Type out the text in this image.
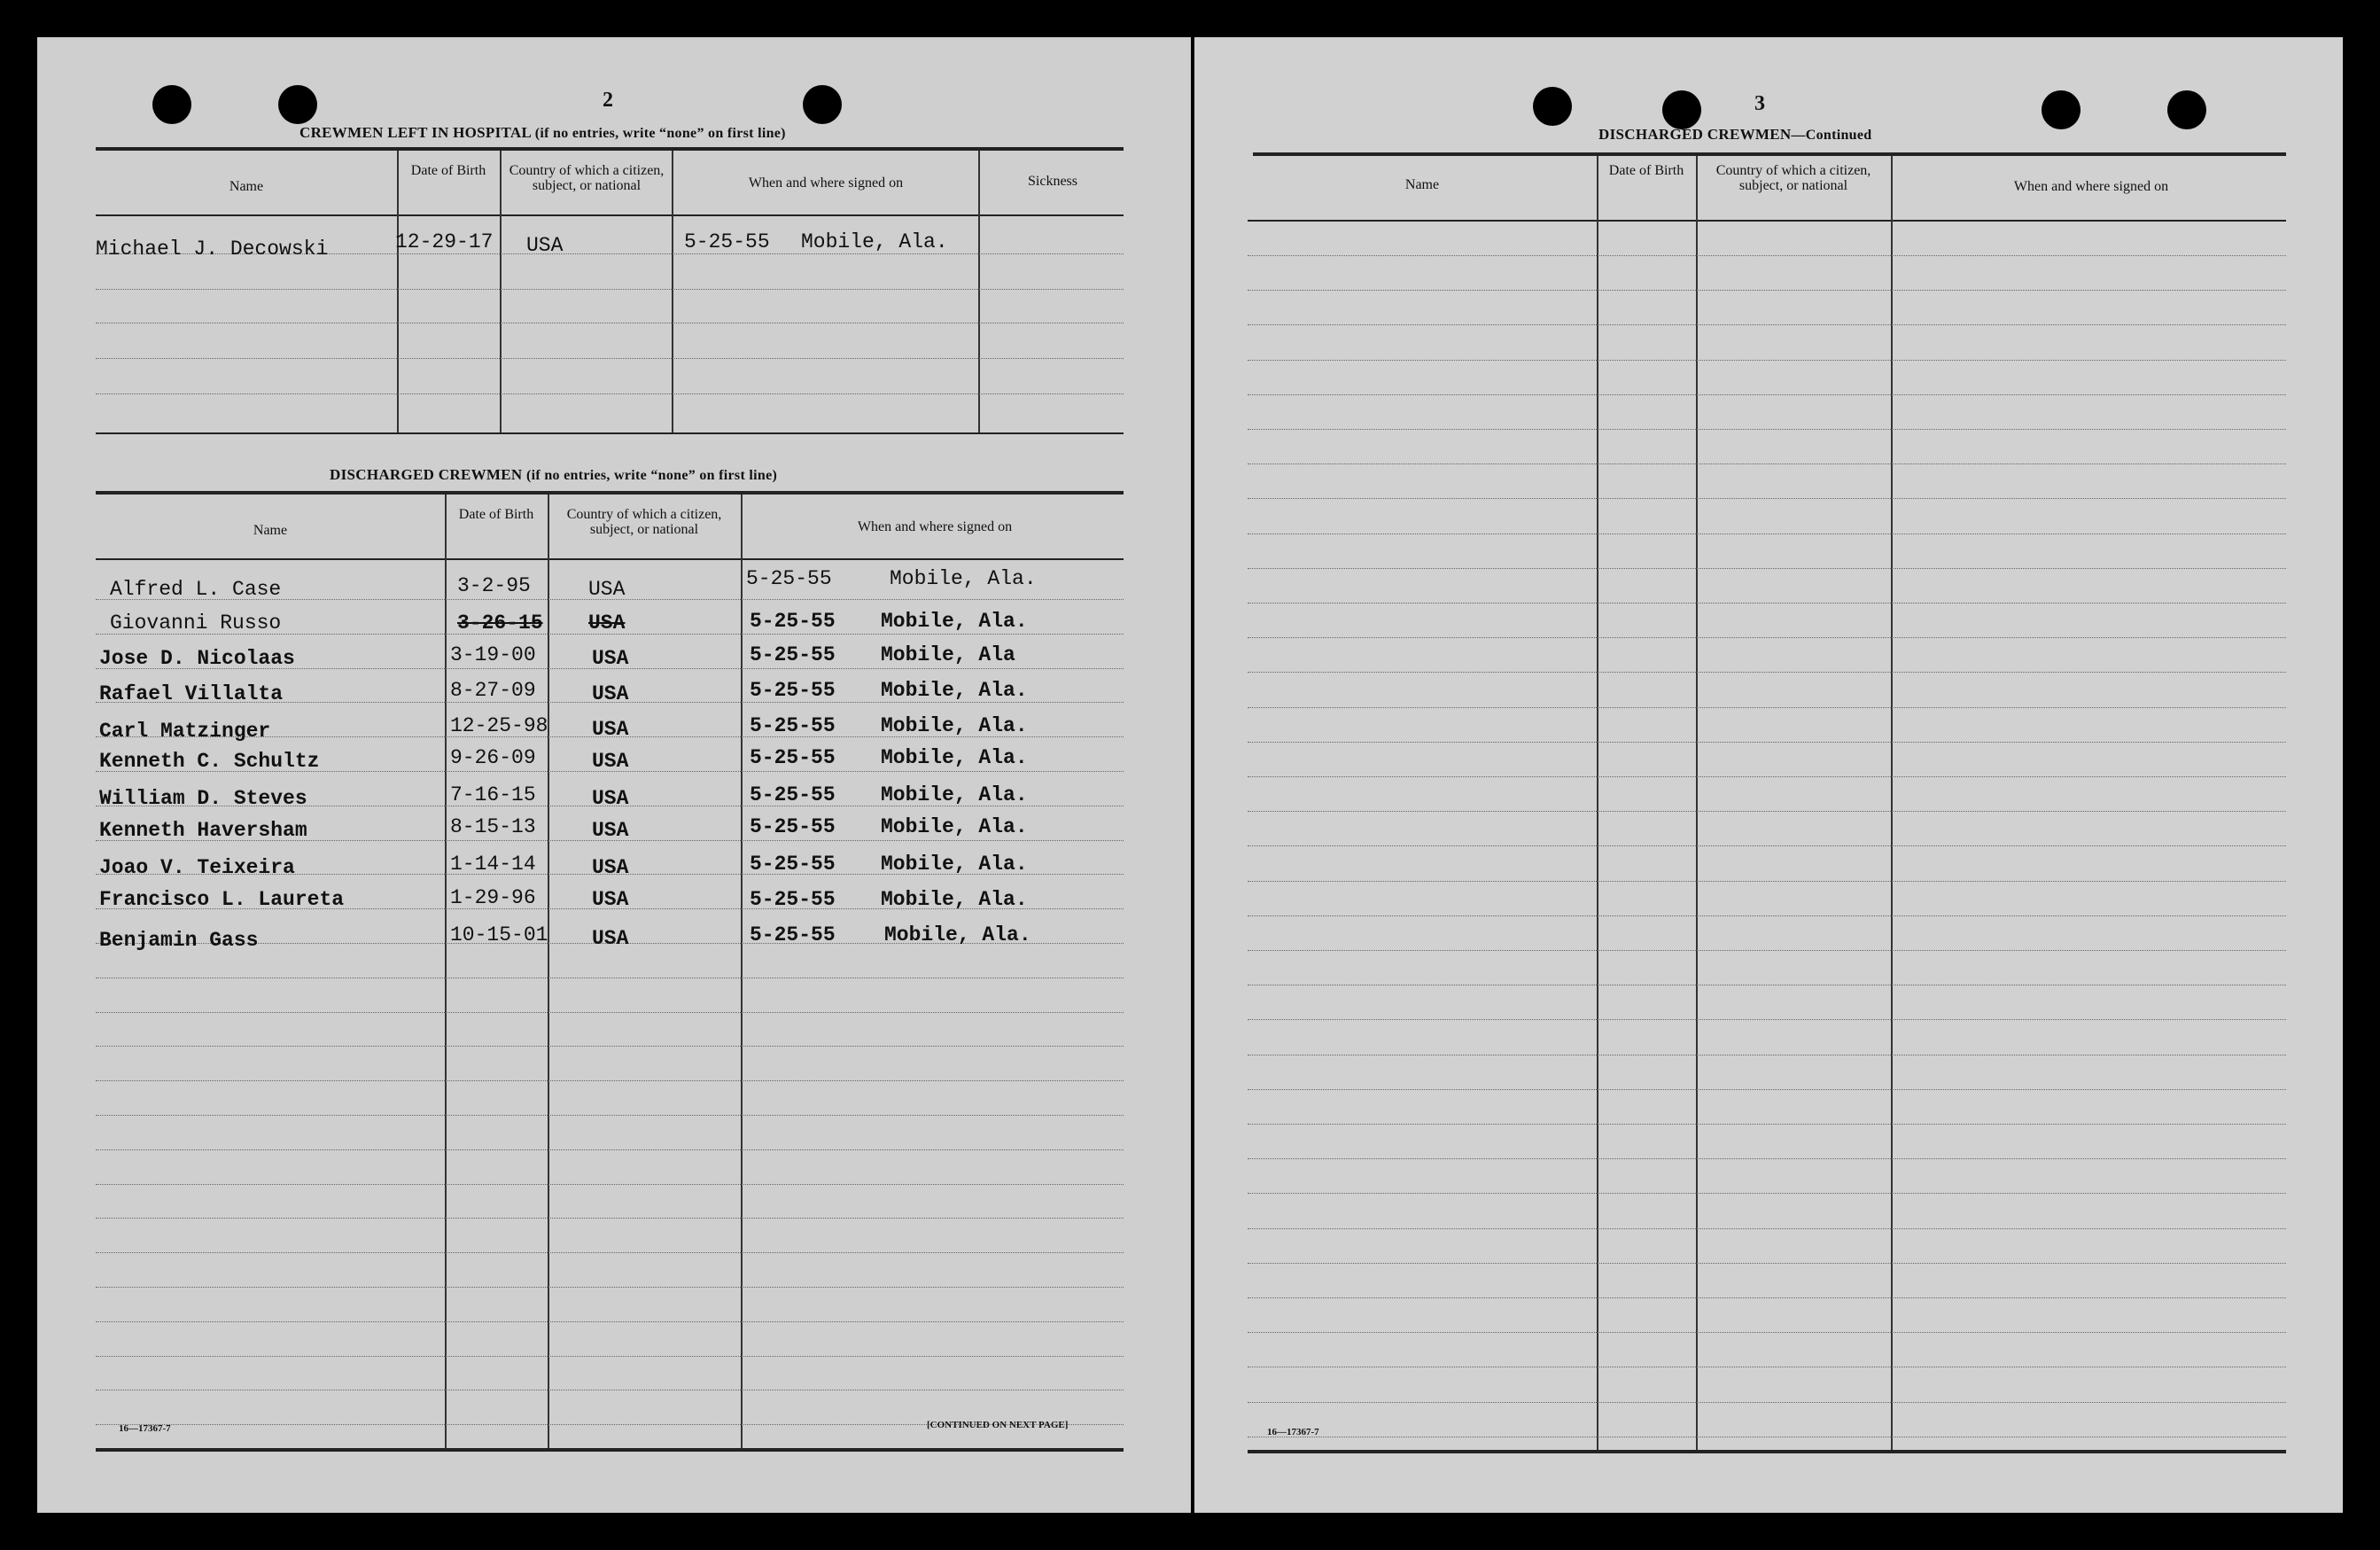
2
CREWMEN LEFT IN HOSPITAL (if no entries, write “none” on first line)
Name
Date of Birth	Country of which a citizen, subject, or national	When and where signed on	Sickness
Michael J. Decowski	12-29-17 USA	5-25-55 Mobile, Ala.
DISCHARGED CREWMEN (if no entries, write “none” on first line)
Name
Date of Birth	Country of which a citizen, subject, or national	When and where signed on
Alfred L. Case	3-2-95	USA	5-25-55	Mobile, Ala.
Giovanni Russo	3-26-15 USA	5-25-55 Mobile, Ala.
Jose D. Nicolaas	3-19-00	USA	5-25-55 Mobile, Ala
Rafael Villalta	8-27-09	USA	5-25-55 Mobile, Ala.
Carl Matzinger	12-25-98 USA	5-25-55 Mobile, Ala.
Kenneth C. Schultz	9-26-09	USA	5-25-55 Mobile, Ala.
William D. Steves	7-16-15	USA	5-25-55 Mobile, Ala.
Kenneth Haversham	8-15-13	USA	5-25-55 Mobile, Ala.
Joao V. Teixeira	1-14-14	USA	5-25-55 Mobile, Ala.
Francisco L. Laureta	1-29-96	USA	5-25-55 Mobile, Ala.
Benjamin Gass	10-15-01 USA	5-25-55 Mobile, Ala.
16—17367-7	[CONTINUED ON NEXT PAGE]
3
DISCHARGED CREWMEN—Continued
Name
Date of Birth	Country of which a citizen, subject, or national	When and where signed on
16—17367-7
